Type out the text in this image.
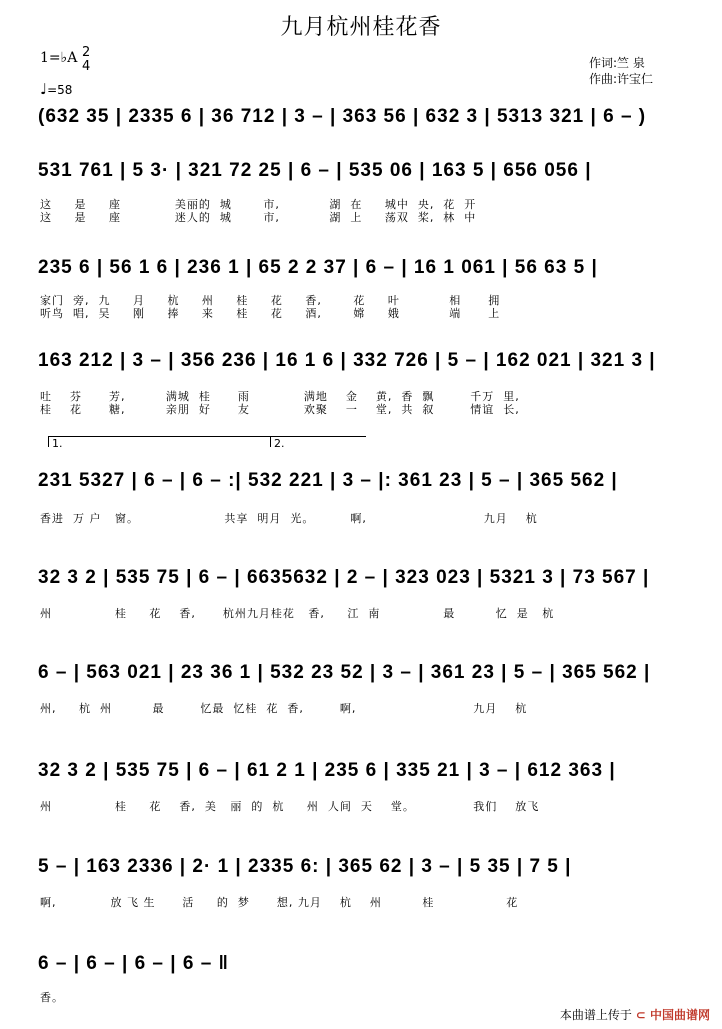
九月杭州桂花香
1=♭A 2
4
♩=58
作词:竺 泉
作曲:许宝仁
(632 35 | 2335 6 | 36 712 | 3 – | 363 56 | 632 3 | 5313 321 | 6 – )
531 761 | 5 3· | 321 72 25 | 6 – | 535 06 | 163 5 | 656 056 |
这     是     座            美丽的  城       市,           湖  在     城中  央,  花  开
这     是     座            迷人的  城       市,           湖  上     荡双  桨,  林  中
235 6 | 56 1 6 | 236 1 | 65 2 2 37 | 6 – | 16 1 061 | 56 63 5 |
家门  旁,  九     月     杭     州     桂     花     香,       花     叶           相      拥
听鸟  唱,  吴     刚     捧     来     桂     花     酒,       嫦     娥           端      上
163 212 | 3 – | 356 236 | 16 1 6 | 332 726 | 5 – | 162 021 | 321 3 |
吐    芬      芳,         满城  桂      雨            满地    金    黄,  香  飘        千万  里,
桂    花      糖,         亲朋  好      友            欢聚    一    堂,  共  叙        情谊  长,
1.	2.
231 5327 | 6 – | 6 – :| 532 221 | 3 – |: 361 23 | 5 – | 365 562 |
香进  万 户   窗。                   共享  明月  光。        啊,                          九月    杭
32 3 2 | 535 75 | 6 – | 6635632 | 2 – | 323 023 | 5321 3 | 73 567 |
州              桂     花    香,      杭州九月桂花   香,     江  南              最         忆  是   杭
6 – | 563 021 | 23 36 1 | 532 23 52 | 3 – | 361 23 | 5 – | 365 562 |
州,     杭  州         最        忆最  忆桂  花  香,        啊,                          九月    杭
32 3 2 | 535 75 | 6 – | 61 2 1 | 235 6 | 335 21 | 3 – | 612 363 |
州              桂     花    香,  美   丽  的  杭     州  人间  天    堂。             我们    放飞
5 – | 163 2336 | 2· 1 | 2335 6: | 365 62 | 3 – | 5 35 | 7 5 |
啊,            放 飞 生      活     的  梦      想, 九月    杭    州         桂                花
6 – | 6 – | 6 – | 6 – ‖
香。
本曲谱上传于 ⊂ 中国曲谱网
